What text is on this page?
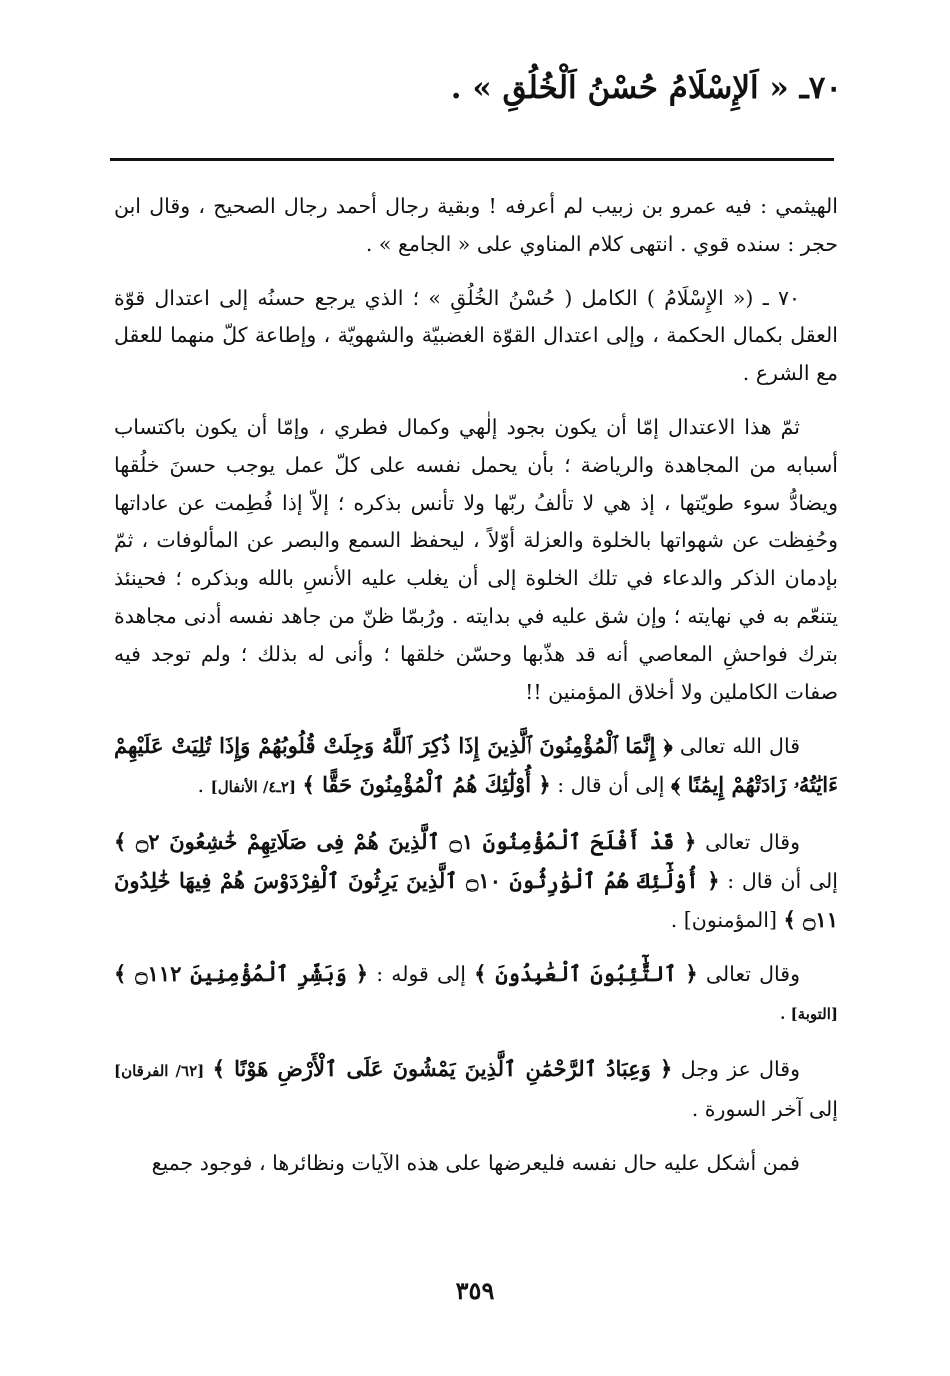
٧٠ـ « اَلإِسْلَامُ حُسْنُ اَلْخُلُقِ » .

الهيثمي : فيه عمرو بن زبيب لم أعرفه ! وبقية رجال أحمد رجال الصحيح ، وقال ابن حجر : سنده قوي . انتهى كلام المناوي على « الجامع » .

٧٠ ـ (« الإِسْلَامُ ) الكامل ( حُسْنُ الخُلُقِ » ؛ الذي يرجع حسنُه إلى اعتدال قوّة العقل بكمال الحكمة ، وإلى اعتدال القوّة الغضبيّة والشهويّة ، وإطاعة كلّ منهما للعقل مع الشرع .

ثمّ هذا الاعتدال إمّا أن يكون بجود إلٰهي وكمال فطري ، وإمّا أن يكون باكتساب أسبابه من المجاهدة والرياضة ؛ بأن يحمل نفسه على كلّ عمل يوجب حسنَ خلُقها ويضادُّ سوء طويّتها ، إذ هي لا تألفُ ربّها ولا تأنس بذكره ؛ إلاّ إذا فُطِمت عن عاداتها وحُفِظت عن شهواتها بالخلوة والعزلة أوّلاً ، ليحفظ السمع والبصر عن المألوفات ، ثمّ بإدمان الذكر والدعاء في تلك الخلوة إلى أن يغلب عليه الأنسِ بالله وبذكره ؛ فحينئذ يتنعّم به في نهايته ؛ وإن شق عليه في بدايته . ورُبمّا ظنّ من جاهد نفسه أدنى مجاهدة بترك فواحشِ المعاصي أنه قد هذّبها وحسّن خلقها ؛ وأنى له بذلك ؛ ولم توجد فيه صفات الكاملين ولا أخلاق المؤمنين !!

قال الله تعالى ﴿ إِنَّمَا ٱلْمُؤْمِنُونَ ٱلَّذِينَ إِذَا ذُكِرَ ٱللَّهُ وَجِلَتْ قُلُوبُهُمْ وَإِذَا تُلِيَتْ عَلَيْهِمْ ءَايَٰتُهُۥ زَادَتْهُمْ إِيمَٰنًا ﴾ إلى أن قال : ﴿ أُوْلَٰٓئِكَ هُمُ ٱلْمُؤْمِنُونَ حَقًّا ﴾ [٢ـ٤/ الأنفال] .

وقال تعالى ﴿ قَدْ أَفْلَحَ ٱلْمُؤْمِنُونَ ۝١ ٱلَّذِينَ هُمْ فِى صَلَاتِهِمْ خَٰشِعُونَ ۝٢ ﴾ إلى أن قال : ﴿ أُوْلَٰٓئِكَ هُمُ ٱلْوَٰرِثُونَ ۝١٠ ٱلَّذِينَ يَرِثُونَ ٱلْفِرْدَوْسَ هُمْ فِيهَا خَٰلِدُونَ ۝١١ ﴾ [المؤمنون] .

وقال تعالى ﴿ ٱلتَّٰٓئِبُونَ ٱلْعَٰبِدُونَ ﴾ إلى قوله : ﴿ وَبَشِّرِ ٱلْمُؤْمِنِينَ ۝١١٢ ﴾ [التوبة] .

وقال عز وجل ﴿ وَعِبَادُ ٱلرَّحْمَٰنِ ٱلَّذِينَ يَمْشُونَ عَلَى ٱلْأَرْضِ هَوْنًا ﴾ [٦٢/ الفرقان] إلى آخر السورة .

فمن أشكل عليه حال نفسه فليعرضها على هذه الآيات ونظائرها ، فوجود جميع

٣٥٩
